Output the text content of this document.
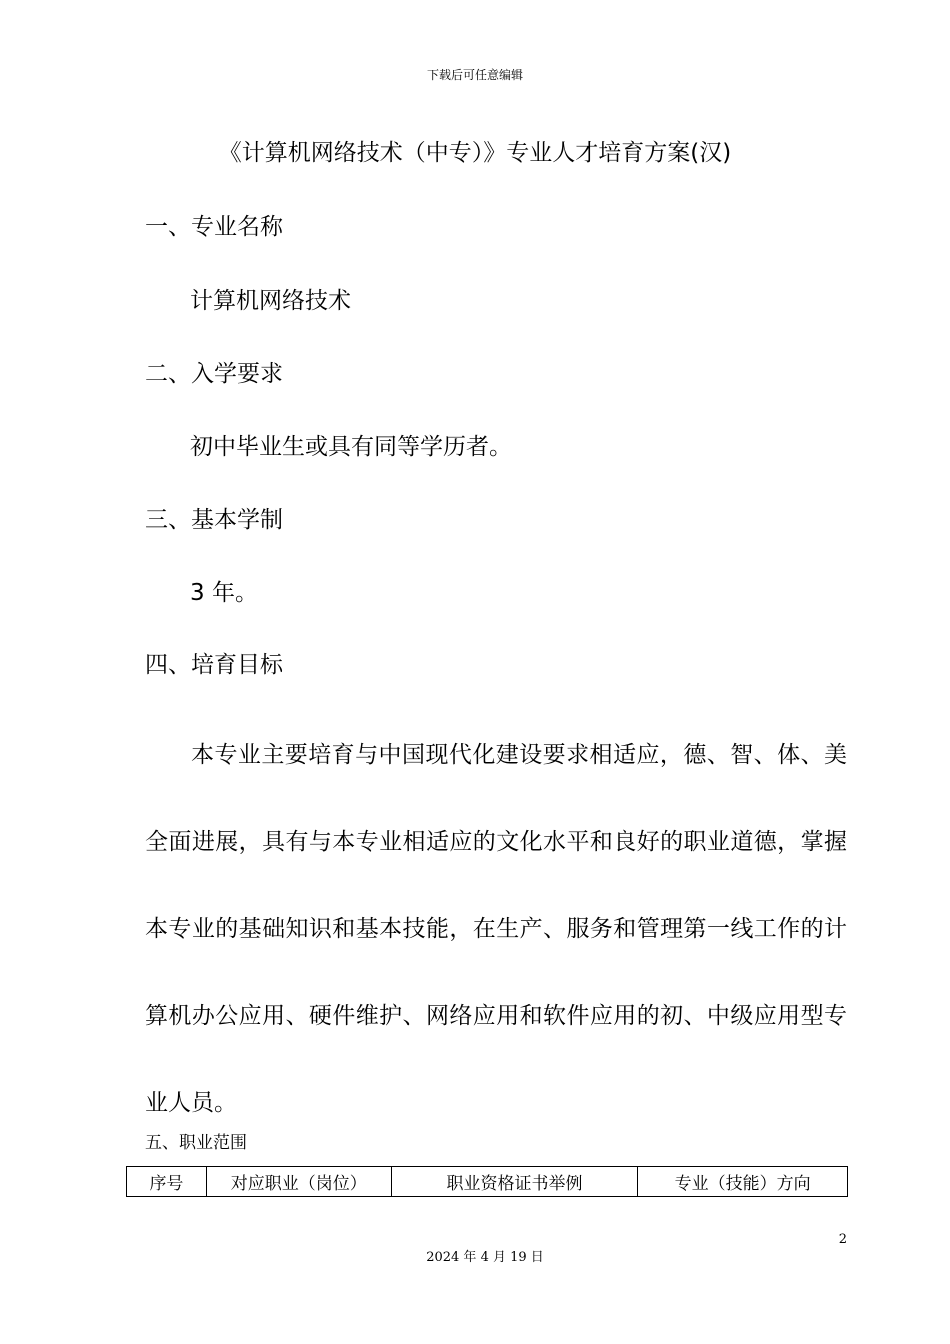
下载后可任意编辑
《计算机网络技术（中专）》专业人才培育方案(汉)
一、专业名称
计算机网络技术
二、入学要求
初中毕业生或具有同等学历者。
三、基本学制
3 年。
四、培育目标
本专业主要培育与中国现代化建设要求相适应，德、智、体、美全面进展，具有与本专业相适应的文化水平和良好的职业道德，掌握本专业的基础知识和基本技能，在生产、服务和管理第一线工作的计算机办公应用、硬件维护、网络应用和软件应用的初、中级应用型专业人员。
五、职业范围
序号	对应职业（岗位）	职业资格证书举例	专业（技能）方向
2
2024 年 4 月 19 日
